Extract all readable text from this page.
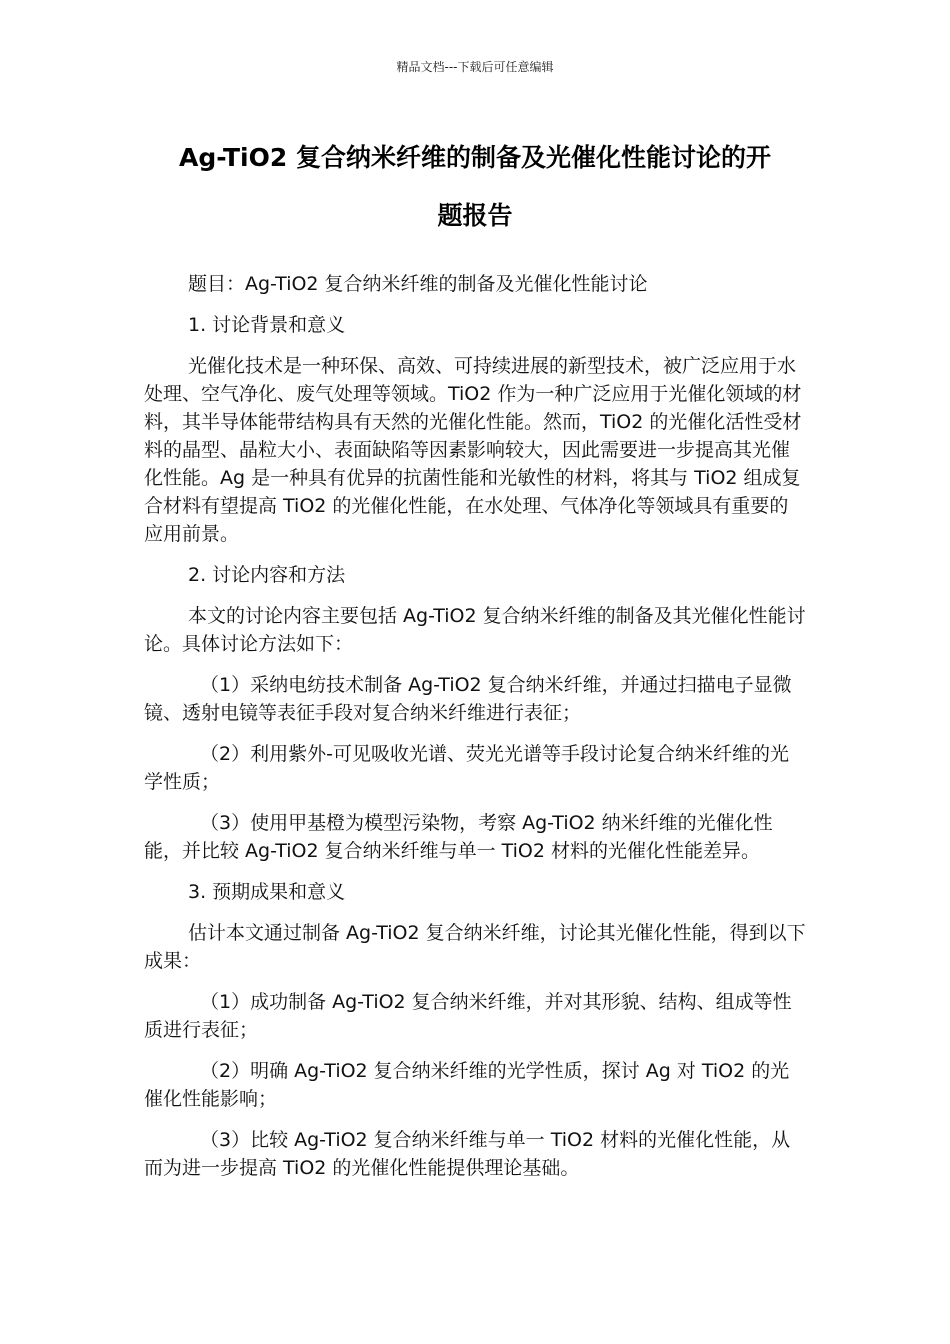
精品文档---下载后可任意编辑
Ag-TiO2 复合纳米纤维的制备及光催化性能讨论的开
题报告

题目：Ag-TiO2 复合纳米纤维的制备及光催化性能讨论

1. 讨论背景和意义

光催化技术是一种环保、高效、可持续进展的新型技术，被广泛应用于水处理、空气净化、废气处理等领域。TiO2 作为一种广泛应用于光催化领域的材料，其半导体能带结构具有天然的光催化性能。然而，TiO2 的光催化活性受材料的晶型、晶粒大小、表面缺陷等因素影响较大，因此需要进一步提高其光催化性能。Ag 是一种具有优异的抗菌性能和光敏性的材料，将其与 TiO2 组成复合材料有望提高 TiO2 的光催化性能，在水处理、气体净化等领域具有重要的应用前景。

2. 讨论内容和方法

本文的讨论内容主要包括 Ag-TiO2 复合纳米纤维的制备及其光催化性能讨论。具体讨论方法如下：

（1）采纳电纺技术制备 Ag-TiO2 复合纳米纤维，并通过扫描电子显微镜、透射电镜等表征手段对复合纳米纤维进行表征；

（2）利用紫外-可见吸收光谱、荧光光谱等手段讨论复合纳米纤维的光学性质；

（3）使用甲基橙为模型污染物，考察 Ag-TiO2 纳米纤维的光催化性能，并比较 Ag-TiO2 复合纳米纤维与单一 TiO2 材料的光催化性能差异。

3. 预期成果和意义

估计本文通过制备 Ag-TiO2 复合纳米纤维，讨论其光催化性能，得到以下成果：

（1）成功制备 Ag-TiO2 复合纳米纤维，并对其形貌、结构、组成等性质进行表征；

（2）明确 Ag-TiO2 复合纳米纤维的光学性质，探讨 Ag 对 TiO2 的光催化性能影响；

（3）比较 Ag-TiO2 复合纳米纤维与单一 TiO2 材料的光催化性能，从而为进一步提高 TiO2 的光催化性能提供理论基础。
